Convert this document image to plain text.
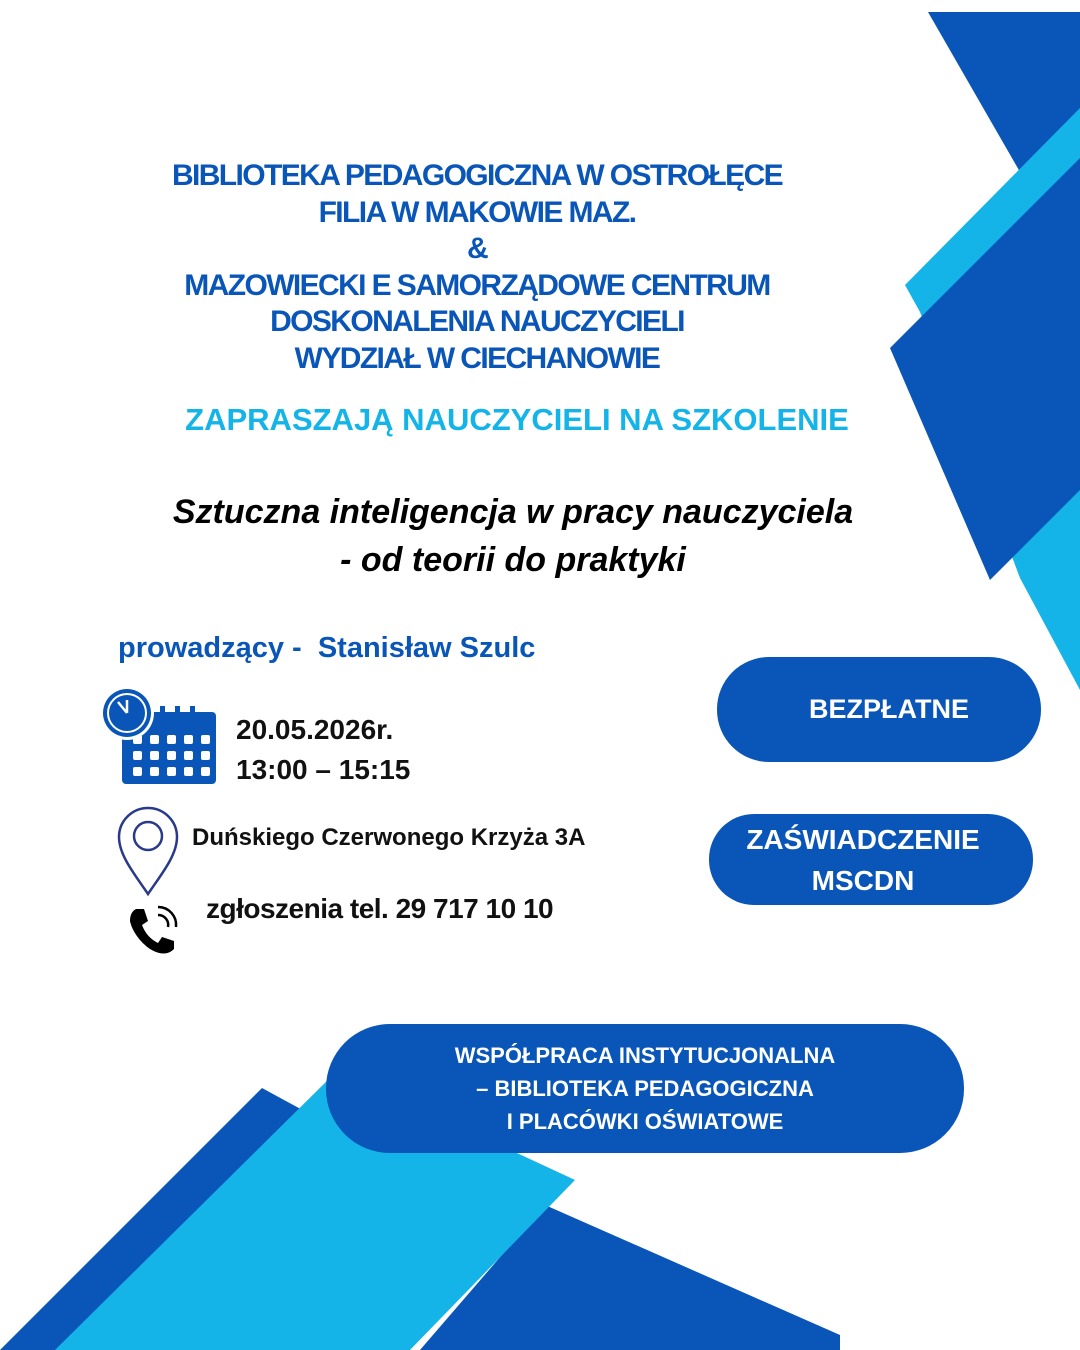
BIBLIOTEKA PEDAGOGICZNA W OSTROŁĘCE
FILIA W MAKOWIE MAZ.
&
MAZOWIECKI E SAMORZĄDOWE CENTRUM
DOSKONALENIA NAUCZYCIELI
WYDZIAŁ W CIECHANOWIE
ZAPRASZAJĄ NAUCZYCIELI NA SZKOLENIE
Sztuczna inteligencja w pracy nauczyciela
- od teorii do praktyki
prowadzący -  Stanisław Szulc
20.05.2026r.
13:00 – 15:15
Duńskiego Czerwonego Krzyża 3A
zgłoszenia tel. 29 717 10 10
BEZPŁATNE
ZAŚWIADCZENIE
MSCDN
WSPÓŁPRACA INSTYTUCJONALNA
– BIBLIOTEKA PEDAGOGICZNA
I PLACÓWKI OŚWIATOWE
